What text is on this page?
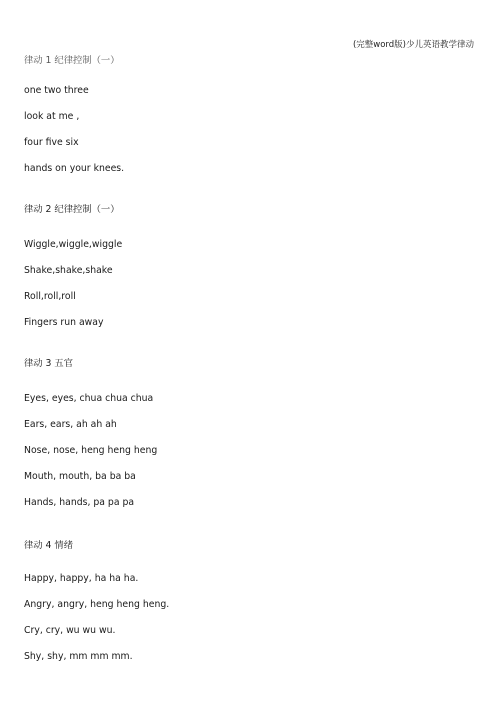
(完整word版)少儿英语教学律动
律动 1 纪律控制（一）
one two three
look at me ,
four five six
hands on your knees.
律动 2 纪律控制（一）
Wiggle,wiggle,wiggle
Shake,shake,shake
Roll,roll,roll
Fingers run away
律动 3 五官
Eyes, eyes, chua chua chua
Ears, ears, ah ah ah
Nose, nose, heng heng heng
Mouth, mouth, ba ba ba
Hands, hands, pa pa pa
律动 4 情绪
Happy, happy, ha ha ha.
Angry, angry, heng heng heng.
Cry, cry, wu wu wu.
Shy, shy, mm mm mm.
